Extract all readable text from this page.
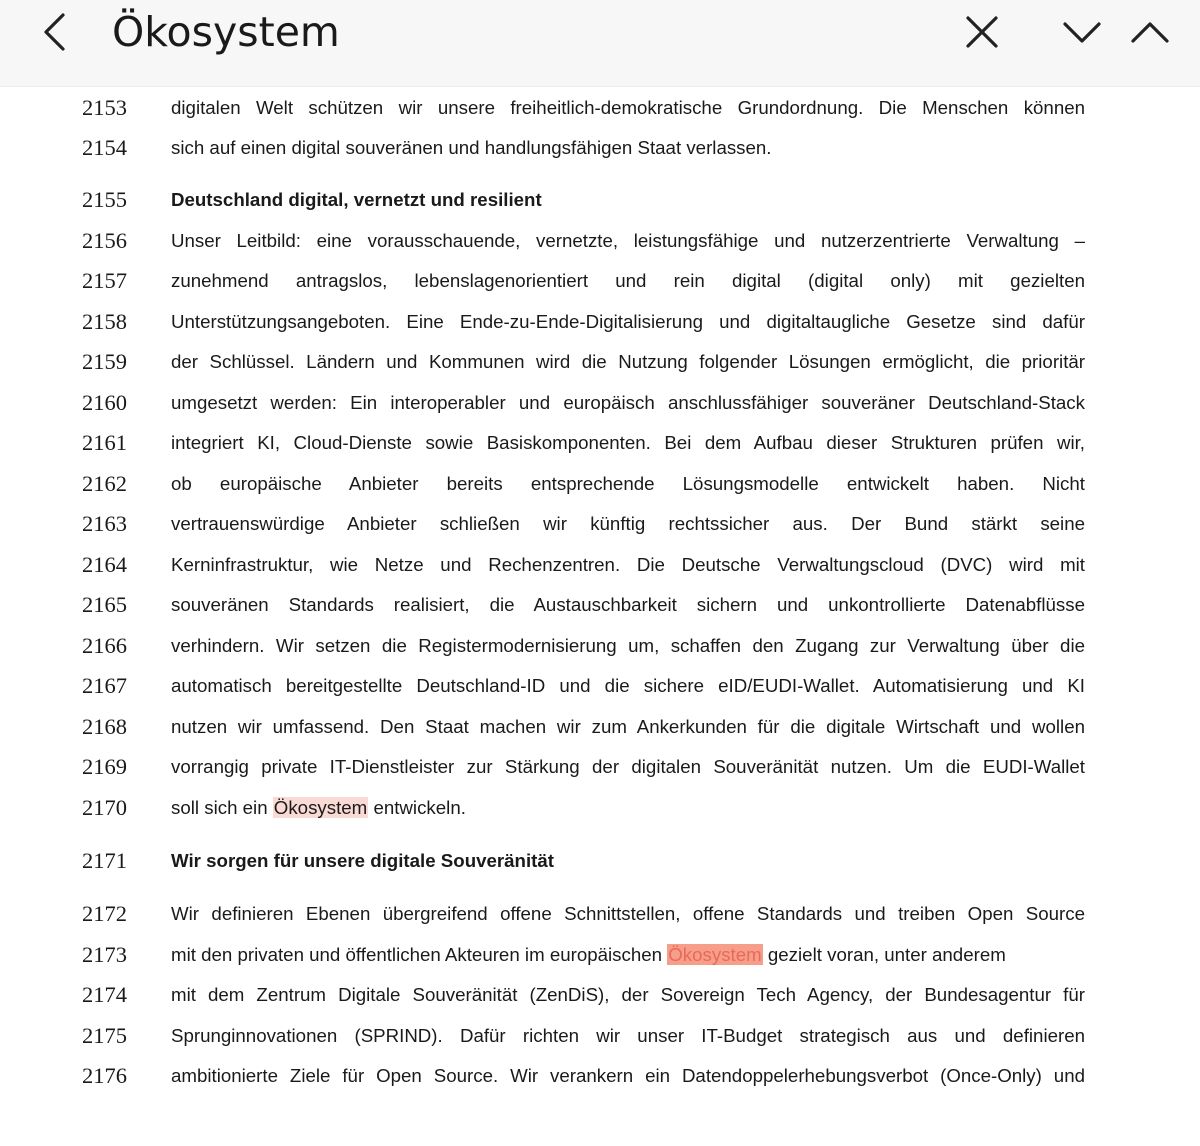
Ökosystem
2153	digitalen Welt schützen wir unsere freiheitlich-demokratische Grundordnung. Die Menschen können
2154	sich auf einen digital souveränen und handlungsfähigen Staat verlassen.
2155	Deutschland digital, vernetzt und resilient
2156	Unser Leitbild: eine vorausschauende, vernetzte, leistungsfähige und nutzerzentrierte Verwaltung –
2157	zunehmend antragslos, lebenslagenorientiert und rein digital (digital only) mit gezielten
2158	Unterstützungsangeboten. Eine Ende-zu-Ende-Digitalisierung und digitaltaugliche Gesetze sind dafür
2159	der Schlüssel. Ländern und Kommunen wird die Nutzung folgender Lösungen ermöglicht, die prioritär
2160	umgesetzt werden: Ein interoperabler und europäisch anschlussfähiger souveräner Deutschland-Stack
2161	integriert KI, Cloud-Dienste sowie Basiskomponenten. Bei dem Aufbau dieser Strukturen prüfen wir,
2162	ob europäische Anbieter bereits entsprechende Lösungsmodelle entwickelt haben. Nicht
2163	vertrauenswürdige Anbieter schließen wir künftig rechtssicher aus. Der Bund stärkt seine
2164	Kerninfrastruktur, wie Netze und Rechenzentren. Die Deutsche Verwaltungscloud (DVC) wird mit
2165	souveränen Standards realisiert, die Austauschbarkeit sichern und unkontrollierte Datenabflüsse
2166	verhindern. Wir setzen die Registermodernisierung um, schaffen den Zugang zur Verwaltung über die
2167	automatisch bereitgestellte Deutschland-ID und die sichere eID/EUDI-Wallet. Automatisierung und KI
2168	nutzen wir umfassend. Den Staat machen wir zum Ankerkunden für die digitale Wirtschaft und wollen
2169	vorrangig private IT-Dienstleister zur Stärkung der digitalen Souveränität nutzen. Um die EUDI-Wallet
2170	soll sich ein Ökosystem entwickeln.
2171	Wir sorgen für unsere digitale Souveränität
2172	Wir definieren Ebenen übergreifend offene Schnittstellen, offene Standards und treiben Open Source
2173	mit den privaten und öffentlichen Akteuren im europäischen Ökosystem gezielt voran, unter anderem
2174	mit dem Zentrum Digitale Souveränität (ZenDiS), der Sovereign Tech Agency, der Bundesagentur für
2175	Sprunginnovationen (SPRIND). Dafür richten wir unser IT-Budget strategisch aus und definieren
2176	ambitionierte Ziele für Open Source. Wir verankern ein Datendoppelerhebungsverbot (Once-Only) und
